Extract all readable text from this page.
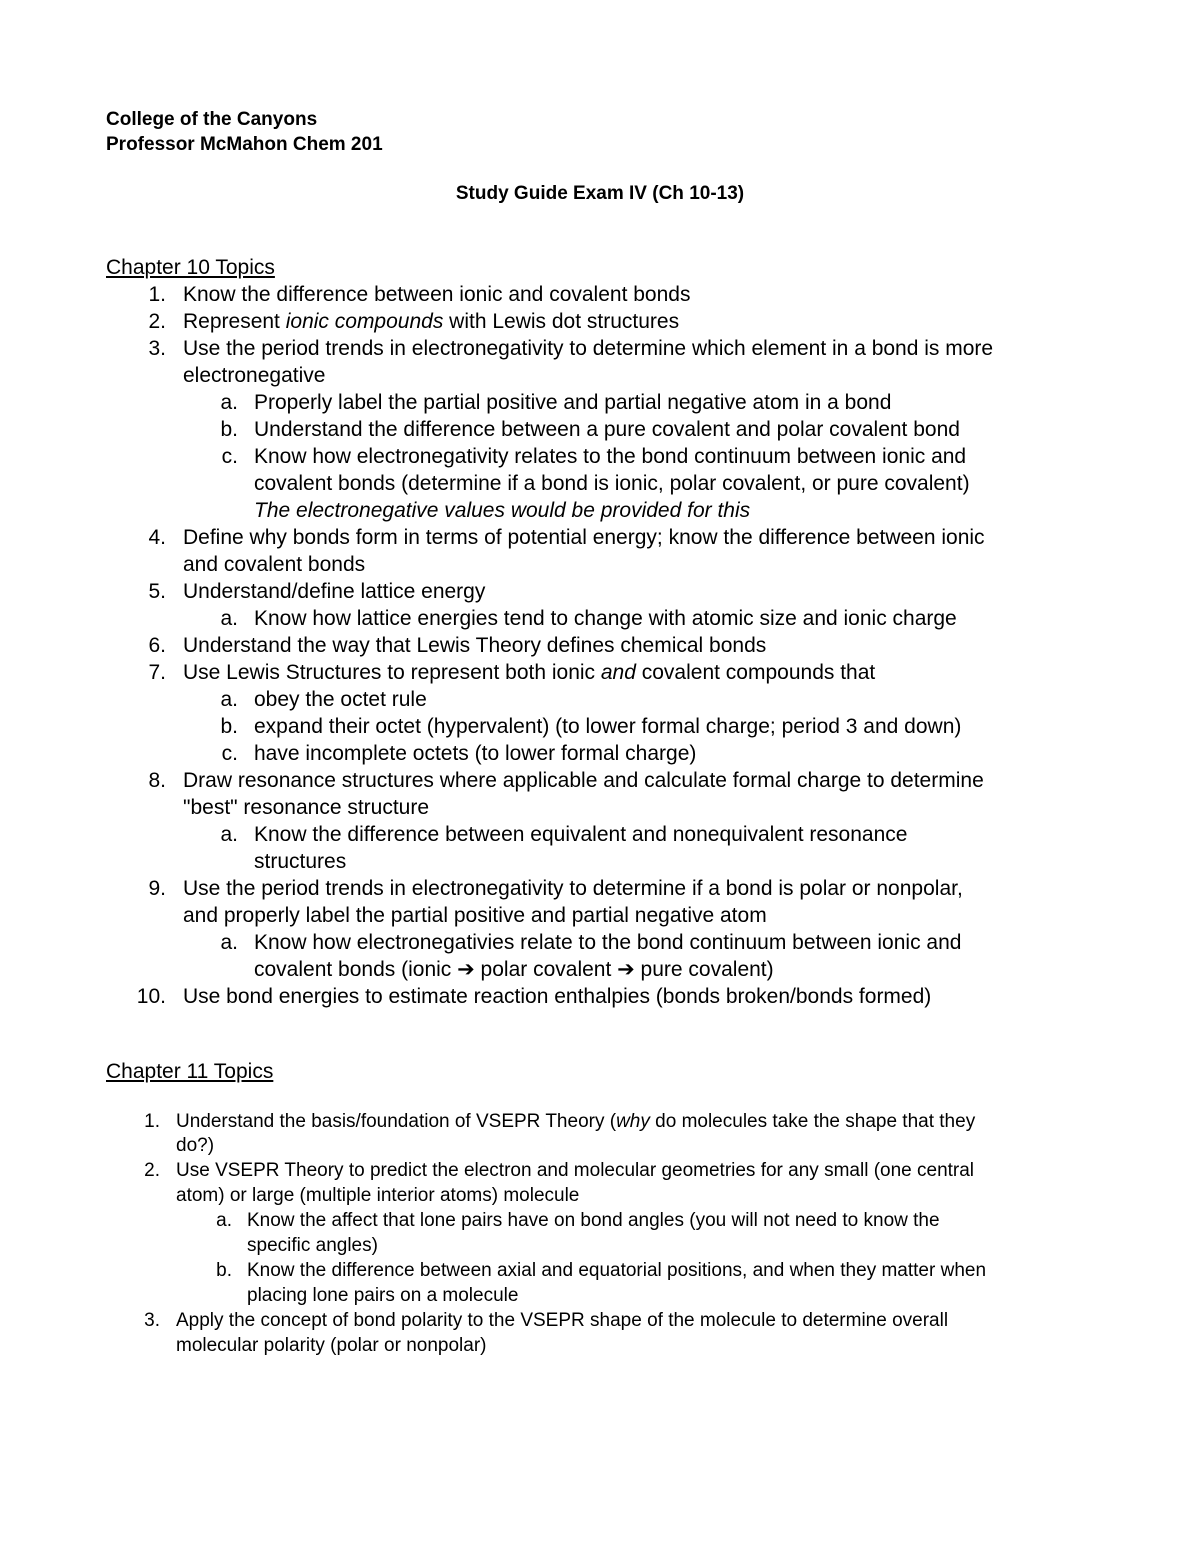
College of the Canyons
Professor McMahon Chem 201
Study Guide Exam IV (Ch 10-13)
Chapter 10 Topics
1. Know the difference between ionic and covalent bonds
2. Represent ionic compounds with Lewis dot structures
3. Use the period trends in electronegativity to determine which element in a bond is more
electronegative
a. Properly label the partial positive and partial negative atom in a bond
b. Understand the difference between a pure covalent and polar covalent bond
c. Know how electronegativity relates to the bond continuum between ionic and
covalent bonds (determine if a bond is ionic, polar covalent, or pure covalent)
The electronegative values would be provided for this
4. Define why bonds form in terms of potential energy; know the difference between ionic
and covalent bonds
5. Understand/define lattice energy
a. Know how lattice energies tend to change with atomic size and ionic charge
6. Understand the way that Lewis Theory defines chemical bonds
7. Use Lewis Structures to represent both ionic and covalent compounds that
a. obey the octet rule
b. expand their octet (hypervalent) (to lower formal charge; period 3 and down)
c. have incomplete octets (to lower formal charge)
8. Draw resonance structures where applicable and calculate formal charge to determine
"best" resonance structure
a. Know the difference between equivalent and nonequivalent resonance
structures
9. Use the period trends in electronegativity to determine if a bond is polar or nonpolar,
and properly label the partial positive and partial negative atom
a. Know how electronegativies relate to the bond continuum between ionic and
covalent bonds (ionic ➔ polar covalent ➔ pure covalent)
10. Use bond energies to estimate reaction enthalpies (bonds broken/bonds formed)
Chapter 11 Topics
1. Understand the basis/foundation of VSEPR Theory (why do molecules take the shape that they
do?)
2. Use VSEPR Theory to predict the electron and molecular geometries for any small (one central
atom) or large (multiple interior atoms) molecule
a. Know the affect that lone pairs have on bond angles (you will not need to know the
specific angles)
b. Know the difference between axial and equatorial positions, and when they matter when
placing lone pairs on a molecule
3. Apply the concept of bond polarity to the VSEPR shape of the molecule to determine overall
molecular polarity (polar or nonpolar)
